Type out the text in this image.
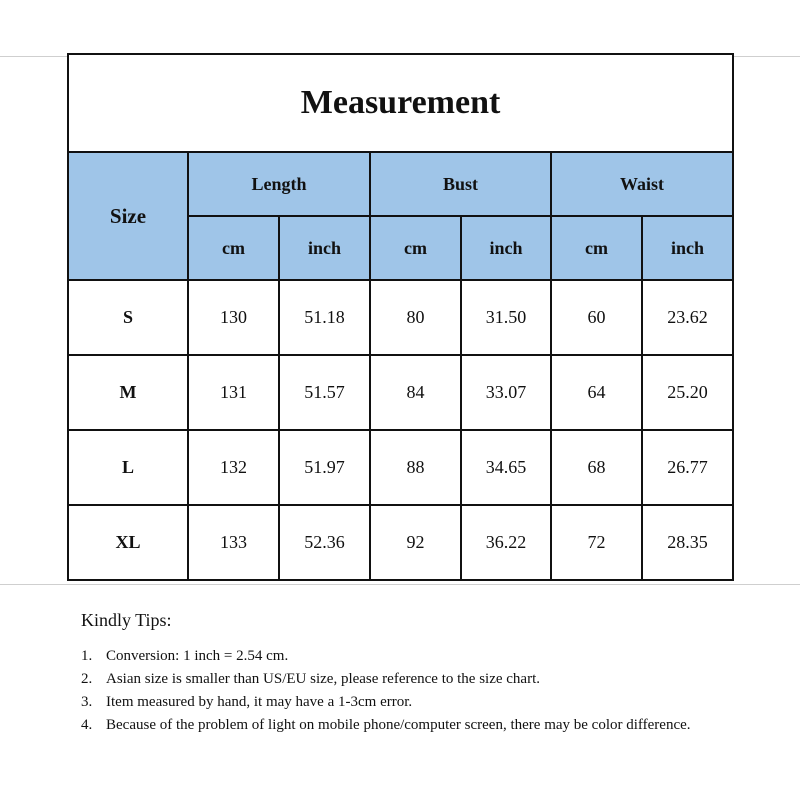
Measurement						
Size	Length		Bust		Waist	
	cm	inch	cm	inch	cm	inch
S	130	51.18	80	31.50	60	23.62
M	131	51.57	84	33.07	64	25.20
L	132	51.97	88	34.65	68	26.77
XL	133	52.36	92	36.22	72	28.35

Kindly Tips:

1. Conversion: 1 inch = 2.54 cm.
2. Asian size is smaller than US/EU size, please reference to the size chart.
3. Item measured by hand, it may have a 1-3cm error.
4. Because of the problem of light on mobile phone/computer screen, there may be color difference.
